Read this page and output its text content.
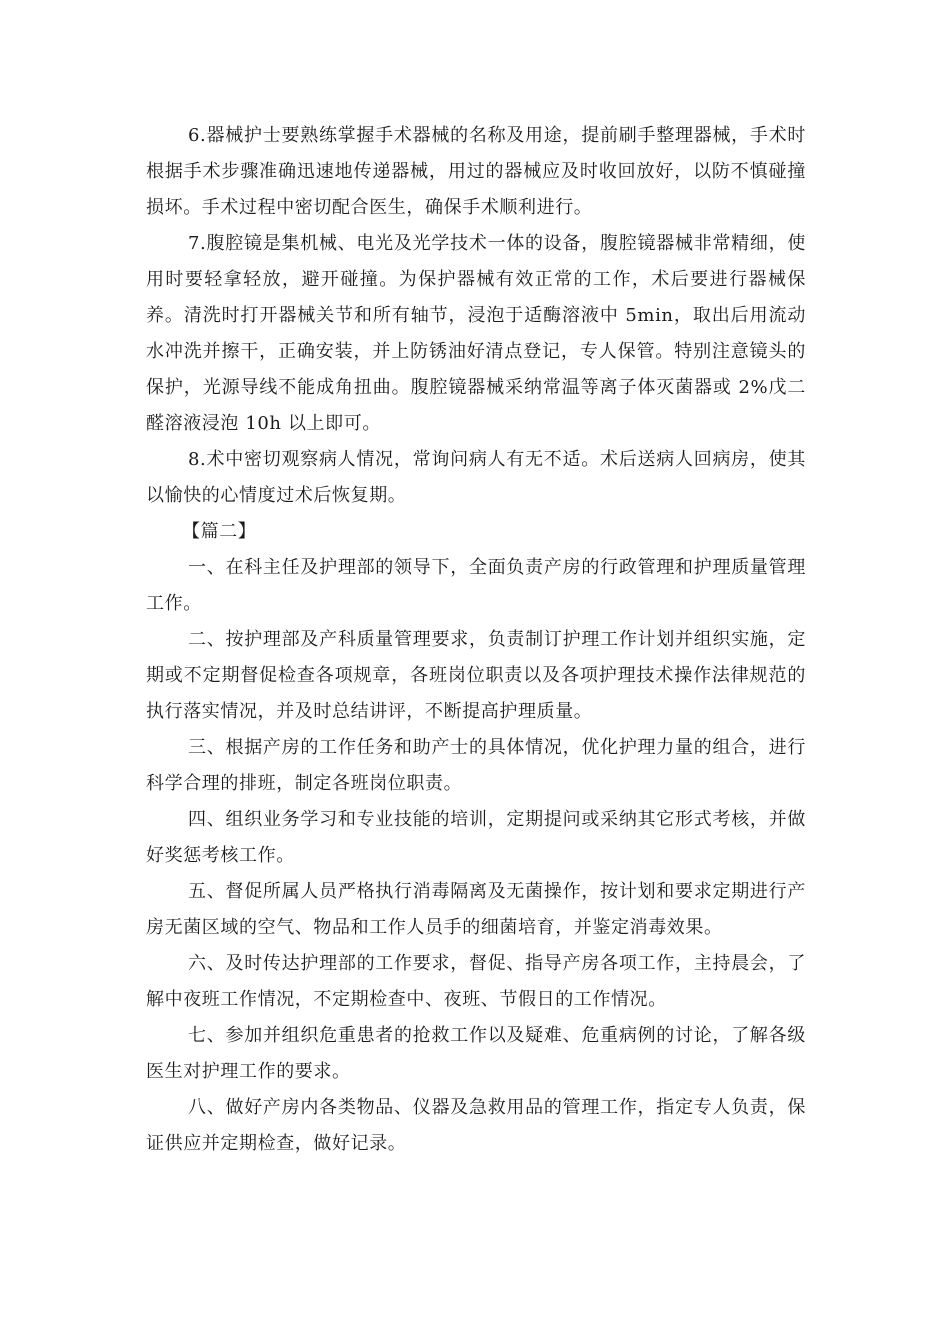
6.器械护士要熟练掌握手术器械的名称及用途，提前刷手整理器械，手术时根据手术步骤准确迅速地传递器械，用过的器械应及时收回放好，以防不慎碰撞损坏。手术过程中密切配合医生，确保手术顺利进行。

7.腹腔镜是集机械、电光及光学技术一体的设备，腹腔镜器械非常精细，使用时要轻拿轻放，避开碰撞。为保护器械有效正常的工作，术后要进行器械保养。清洗时打开器械关节和所有轴节，浸泡于适酶溶液中 5min，取出后用流动水冲洗并擦干，正确安装，并上防锈油好清点登记，专人保管。特别注意镜头的保护，光源导线不能成角扭曲。腹腔镜器械采纳常温等离子体灭菌器或 2%戊二醛溶液浸泡 10h 以上即可。

8.术中密切观察病人情况，常询问病人有无不适。术后送病人回病房，使其以愉快的心情度过术后恢复期。

【篇二】

一、在科主任及护理部的领导下，全面负责产房的行政管理和护理质量管理工作。

二、按护理部及产科质量管理要求，负责制订护理工作计划并组织实施，定期或不定期督促检查各项规章，各班岗位职责以及各项护理技术操作法律规范的执行落实情况，并及时总结讲评，不断提高护理质量。

三、根据产房的工作任务和助产士的具体情况，优化护理力量的组合，进行科学合理的排班，制定各班岗位职责。

四、组织业务学习和专业技能的培训，定期提问或采纳其它形式考核，并做好奖惩考核工作。

五、督促所属人员严格执行消毒隔离及无菌操作，按计划和要求定期进行产房无菌区域的空气、物品和工作人员手的细菌培育，并鉴定消毒效果。

六、及时传达护理部的工作要求，督促、指导产房各项工作，主持晨会，了解中夜班工作情况，不定期检查中、夜班、节假日的工作情况。

七、参加并组织危重患者的抢救工作以及疑难、危重病例的讨论，了解各级医生对护理工作的要求。

八、做好产房内各类物品、仪器及急救用品的管理工作，指定专人负责，保证供应并定期检查，做好记录。
